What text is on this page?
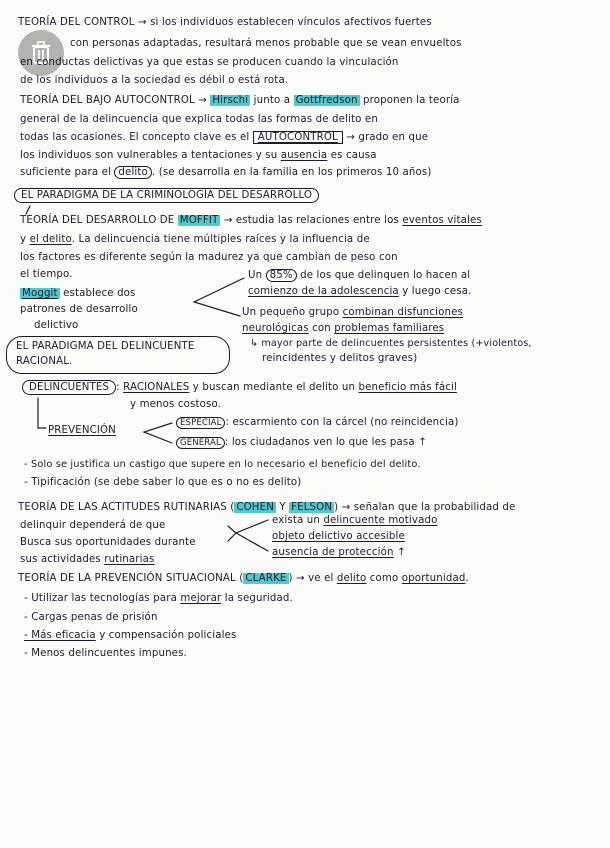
TEORÍA DEL CONTROL → si los individuos establecen vínculos afectivos fuertes
con personas adaptadas, resultará menos probable que se vean envueltos
en conductas delictivas ya que estas se producen cuando la vinculación
de los individuos a la sociedad es débil o está rota.
TEORÍA DEL BAJO AUTOCONTROL → Hirschi junto a Gottfredson proponen la teoría
general de la delincuencia que explica todas las formas de delito en
todas las ocasiones. El concepto clave es el AUTOCONTROL → grado en que
los individuos son vulnerables a tentaciones y su ausencia es causa
suficiente para el delito . (se desarrolla en la familia en los primeros 10 años)
EL PARADIGMA DE LA CRIMINOLOGÍA DEL DESARROLLO
TEORÍA DEL DESARROLLO DE MOFFIT → estudia las relaciones entre los eventos vitales
y el delito. La delincuencia tiene múltiples raíces y la influencia de
los factores es diferente según la madurez ya que cambian de peso con
el tiempo.
Moggit establece dos
patrones de desarrollo
delictivo
Un 85% de los que delinquen lo hacen al
comienzo de la adolescencia y luego cesa.
Un pequeño grupo combinan disfunciones
neurológicas con problemas familiares
↳ mayor parte de delincuentes persistentes (+violentos,
reincidentes y delitos graves)
EL PARADIGMA DEL DELINCUENTE
RACIONAL.
DELINCUENTES : RACIONALES y buscan mediante el delito un beneficio más fácil
y menos costoso.
PREVENCIÓN
ESPECIAL : escarmiento con la cárcel (no reincidencia)
GENERAL : los ciudadanos ven lo que les pasa ↑
- Solo se justifica un castigo que supere en lo necesario el beneficio del delito.
- Tipificación (se debe saber lo que es o no es delito)
TEORÍA DE LAS ACTITUDES RUTINARIAS ( COHEN Y FELSON ) → señalan que la probabilidad de
delinquir dependerá de que
Busca sus oportunidades durante
sus actividades rutinarias
exista un delincuente motivado
objeto delictivo accesible
ausencia de protección ↑
TEORÍA DE LA PREVENCIÓN SITUACIONAL ( CLARKE ) → ve el delito como oportunidad.
- Utilizar las tecnologías para mejorar la seguridad.
- Cargas penas de prisión
- Más eficacia y compensación policiales
- Menos delincuentes impunes.
